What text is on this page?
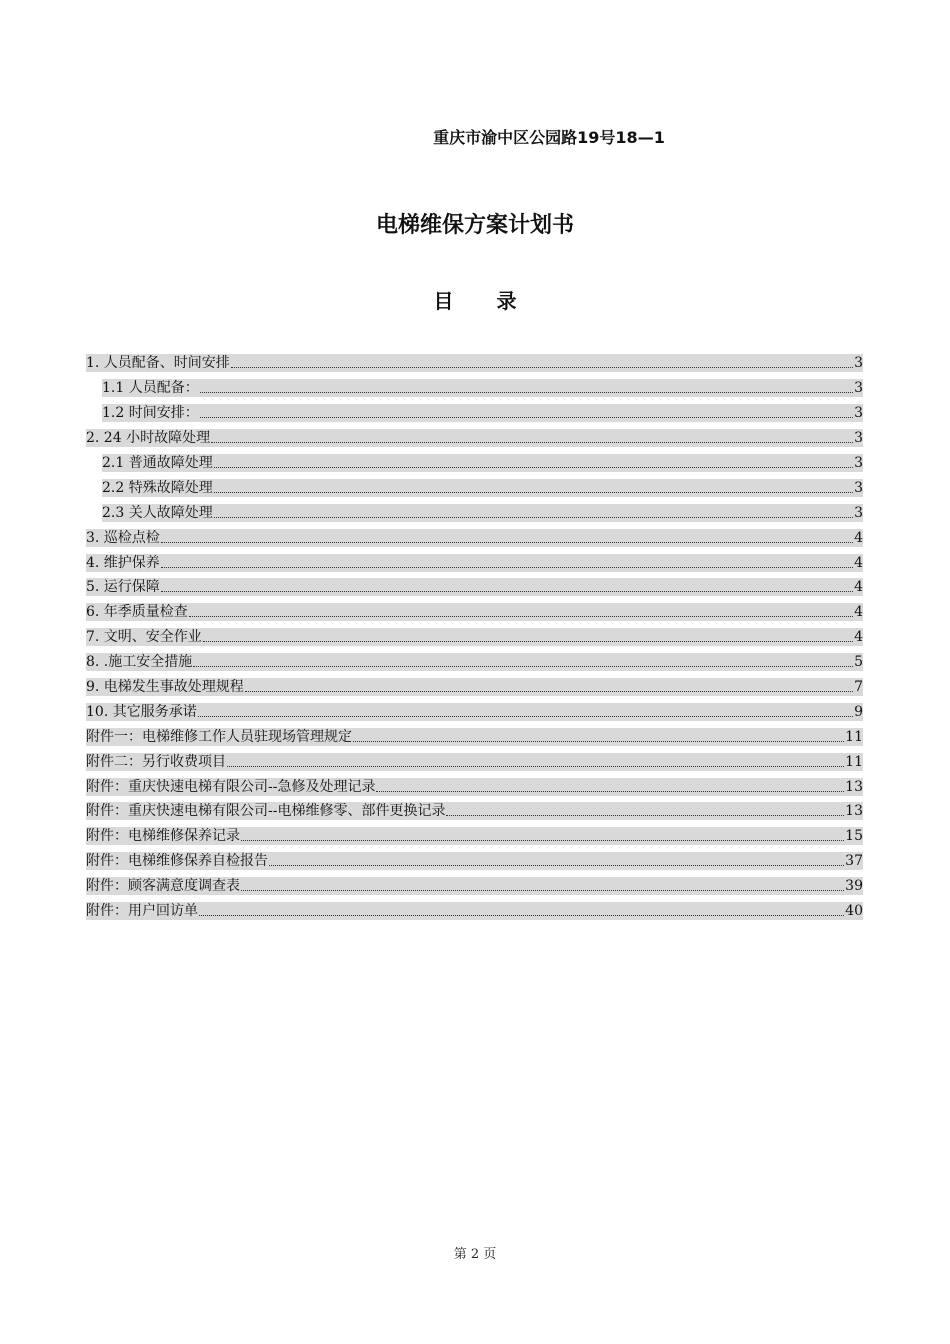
重庆市渝中区公园路19号18—1
电梯维保方案计划书
目 录
1. 人员配备、时间安排	3
1.1 人员配备：	3
1.2 时间安排：	3
2. 24 小时故障处理	3
2.1 普通故障处理	3
2.2 特殊故障处理	3
2.3 关人故障处理	3
3. 巡检点检	4
4. 维护保养	4
5. 运行保障	4
6. 年季质量检查	4
7. 文明、安全作业	4
8. .施工安全措施	5
9. 电梯发生事故处理规程	7
10. 其它服务承诺	9
附件一：电梯维修工作人员驻现场管理规定	11
附件二：另行收费项目	11
附件：重庆快速电梯有限公司--急修及处理记录	13
附件：重庆快速电梯有限公司--电梯维修零、部件更换记录	13
附件：电梯维修保养记录	15
附件：电梯维修保养自检报告	37
附件：顾客满意度调查表	39
附件：用户回访单	40
第 2 页
